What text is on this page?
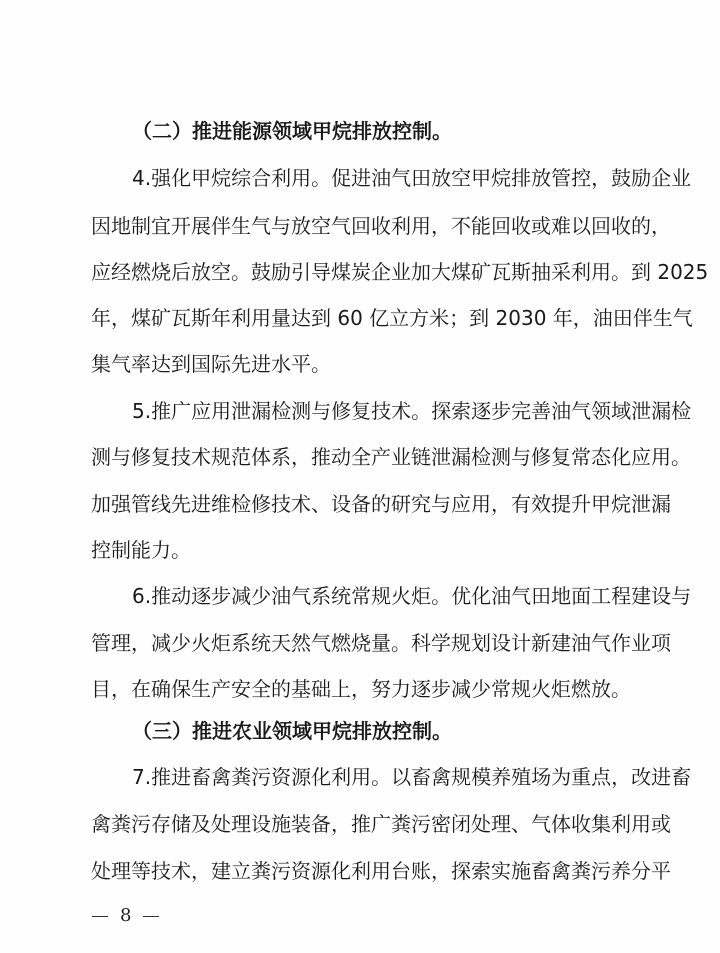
（二）推进能源领域甲烷排放控制。
4.强化甲烷综合利用。促进油气田放空甲烷排放管控，鼓励企业
因地制宜开展伴生气与放空气回收利用，不能回收或难以回收的，
应经燃烧后放空。鼓励引导煤炭企业加大煤矿瓦斯抽采利用。到 2025
年，煤矿瓦斯年利用量达到 60 亿立方米；到 2030 年，油田伴生气
集气率达到国际先进水平。
5.推广应用泄漏检测与修复技术。探索逐步完善油气领域泄漏检
测与修复技术规范体系，推动全产业链泄漏检测与修复常态化应用。
加强管线先进维检修技术、设备的研究与应用，有效提升甲烷泄漏
控制能力。
6.推动逐步减少油气系统常规火炬。优化油气田地面工程建设与
管理，减少火炬系统天然气燃烧量。科学规划设计新建油气作业项
目，在确保生产安全的基础上，努力逐步减少常规火炬燃放。
（三）推进农业领域甲烷排放控制。
7.推进畜禽粪污资源化利用。以畜禽规模养殖场为重点，改进畜
禽粪污存储及处理设施装备，推广粪污密闭处理、气体收集利用或
处理等技术，建立粪污资源化利用台账，探索实施畜禽粪污养分平
8
